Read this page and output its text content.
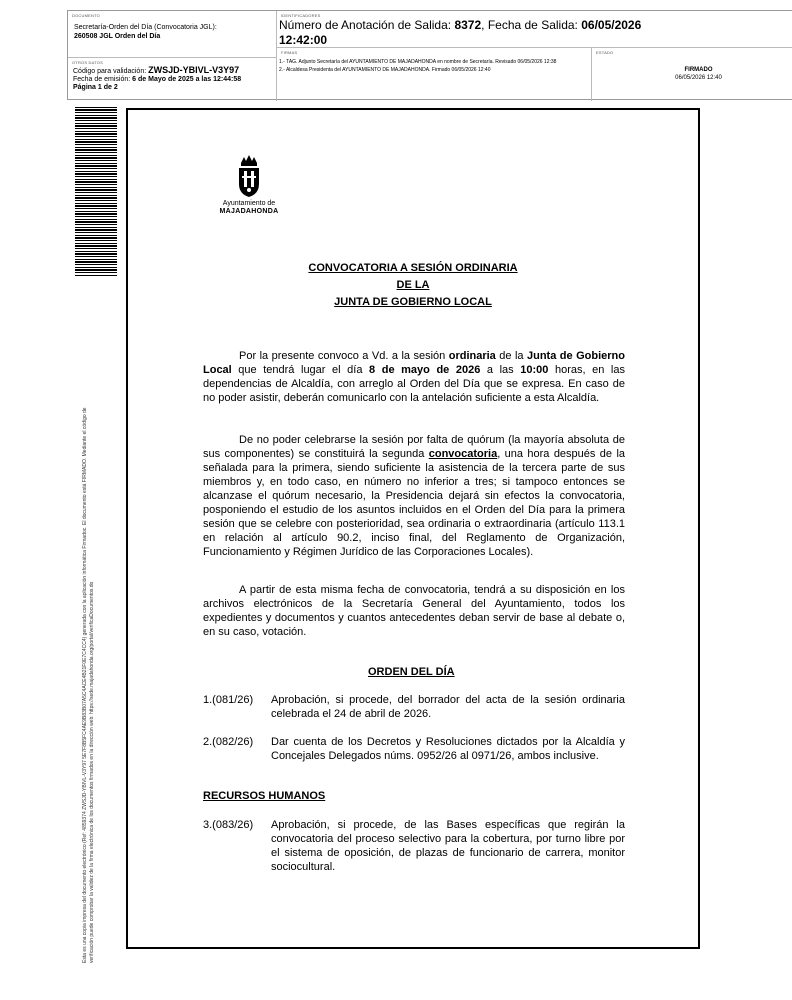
DOCUMENTO
Secretaría-Orden del Día (Convocatoria JGL):
260508 JGL Orden del Día
IDENTIFICADORES
Número de Anotación de Salida: 8372, Fecha de Salida: 06/05/2026
12:42:00
OTROS DATOS
Código para validación: ZWSJD-YBIVL-V3Y97
Fecha de emisión: 6 de Mayo de 2025 a las 12:44:58
Página 1 de 2
FIRMAS
1.- TAG. Adjunto Secretaría del AYUNTAMIENTO DE MAJADAHONDA en nombre de Secretaría. Revisado 06/05/2026 12:38
2.- Alcaldesa Presidenta del AYUNTAMIENTO DE MAJADAHONDA. Firmado 06/05/2026 12:40
ESTADO
FIRMADO
06/05/2026 12:40
Esta es una copia impresa del documento electrónico (Ref: 4859374 ZWSJD-YBIVL-V3Y97 5E7F8B5FC4AE9B83B07A5C4ACE4B21F0E7C4CC4) generada con la aplicación informática Firmadoc. El documento está FIRMADO. Mediante el código de verificación puede comprobar la validez de la firma electrónica de los documentos firmados en la dirección web: https://sede.majadahonda.org/portal/verificaDocumentos.do
Ayuntamiento de
MAJADAHONDA
CONVOCATORIA A SESIÓN ORDINARIA
DE LA
JUNTA DE GOBIERNO LOCAL
Por la presente convoco a Vd. a la sesión ordinaria de la Junta de Gobierno Local que tendrá lugar el día 8 de mayo de 2026 a las 10:00 horas, en las dependencias de Alcaldía, con arreglo al Orden del Día que se expresa. En caso de no poder asistir, deberán comunicarlo con la antelación suficiente a esta Alcaldía.
De no poder celebrarse la sesión por falta de quórum (la mayoría absoluta de sus componentes) se constituirá la segunda convocatoria, una hora después de la señalada para la primera, siendo suficiente la asistencia de la tercera parte de sus miembros y, en todo caso, en número no inferior a tres; si tampoco entonces se alcanzase el quórum necesario, la Presidencia dejará sin efectos la convocatoria, posponiendo el estudio de los asuntos incluidos en el Orden del Día para la primera sesión que se celebre con posterioridad, sea ordinaria o extraordinaria (artículo 113.1 en relación al artículo 90.2, inciso final, del Reglamento de Organización, Funcionamiento y Régimen Jurídico de las Corporaciones Locales).
A partir de esta misma fecha de convocatoria, tendrá a su disposición en los archivos electrónicos de la Secretaría General del Ayuntamiento, todos los expedientes y documentos y cuantos antecedentes deban servir de base al debate o, en su caso, votación.
ORDEN DEL DÍA
1.(081/26)	Aprobación, si procede, del borrador del acta de la sesión ordinaria celebrada el 24 de abril de 2026.
2.(082/26)	Dar cuenta de los Decretos y Resoluciones dictados por la Alcaldía y Concejales Delegados núms. 0952/26 al 0971/26, ambos inclusive.
RECURSOS HUMANOS
3.(083/26)	Aprobación, si procede, de las Bases específicas que regirán la convocatoria del proceso selectivo para la cobertura, por turno libre por el sistema de oposición, de plazas de funcionario de carrera, monitor sociocultural.
